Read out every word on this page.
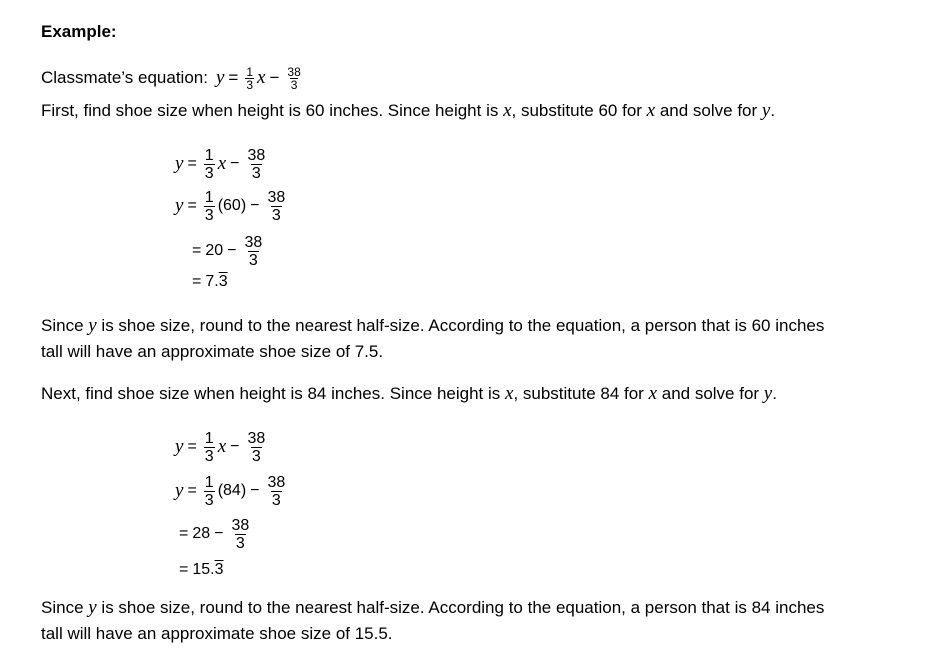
Example:
Classmate’s equation: $y = \frac{1}{3}$ $x - \frac{38}{3}$
First, find shoe size when height is 60 inches. Since height is x, substitute 60 for x and solve for y.
$y = \frac{1}{3}$ $x - \frac{38}{3}$
$y = \frac{1}{3} (60) - \frac{38}{3}$
= $20 - \frac{38}{3}$
= 7. 3
Since y is shoe size, round to the nearest half-size. According to the equation, a person that is 60 inches
tall will have an approximate shoe size of 7.5.
Next, find shoe size when height is 84 inches. Since height is x, substitute 84 for x and solve for y.
$y = \frac{1}{3}$ $x - \frac{38}{3}$
$y = \frac{1}{3} (84) - \frac{38}{3}$
= $28 - \frac{38}{3}$
= 15. 3
Since y is shoe size, round to the nearest half-size. According to the equation, a person that is 84 inches
tall will have an approximate shoe size of 15.5.
